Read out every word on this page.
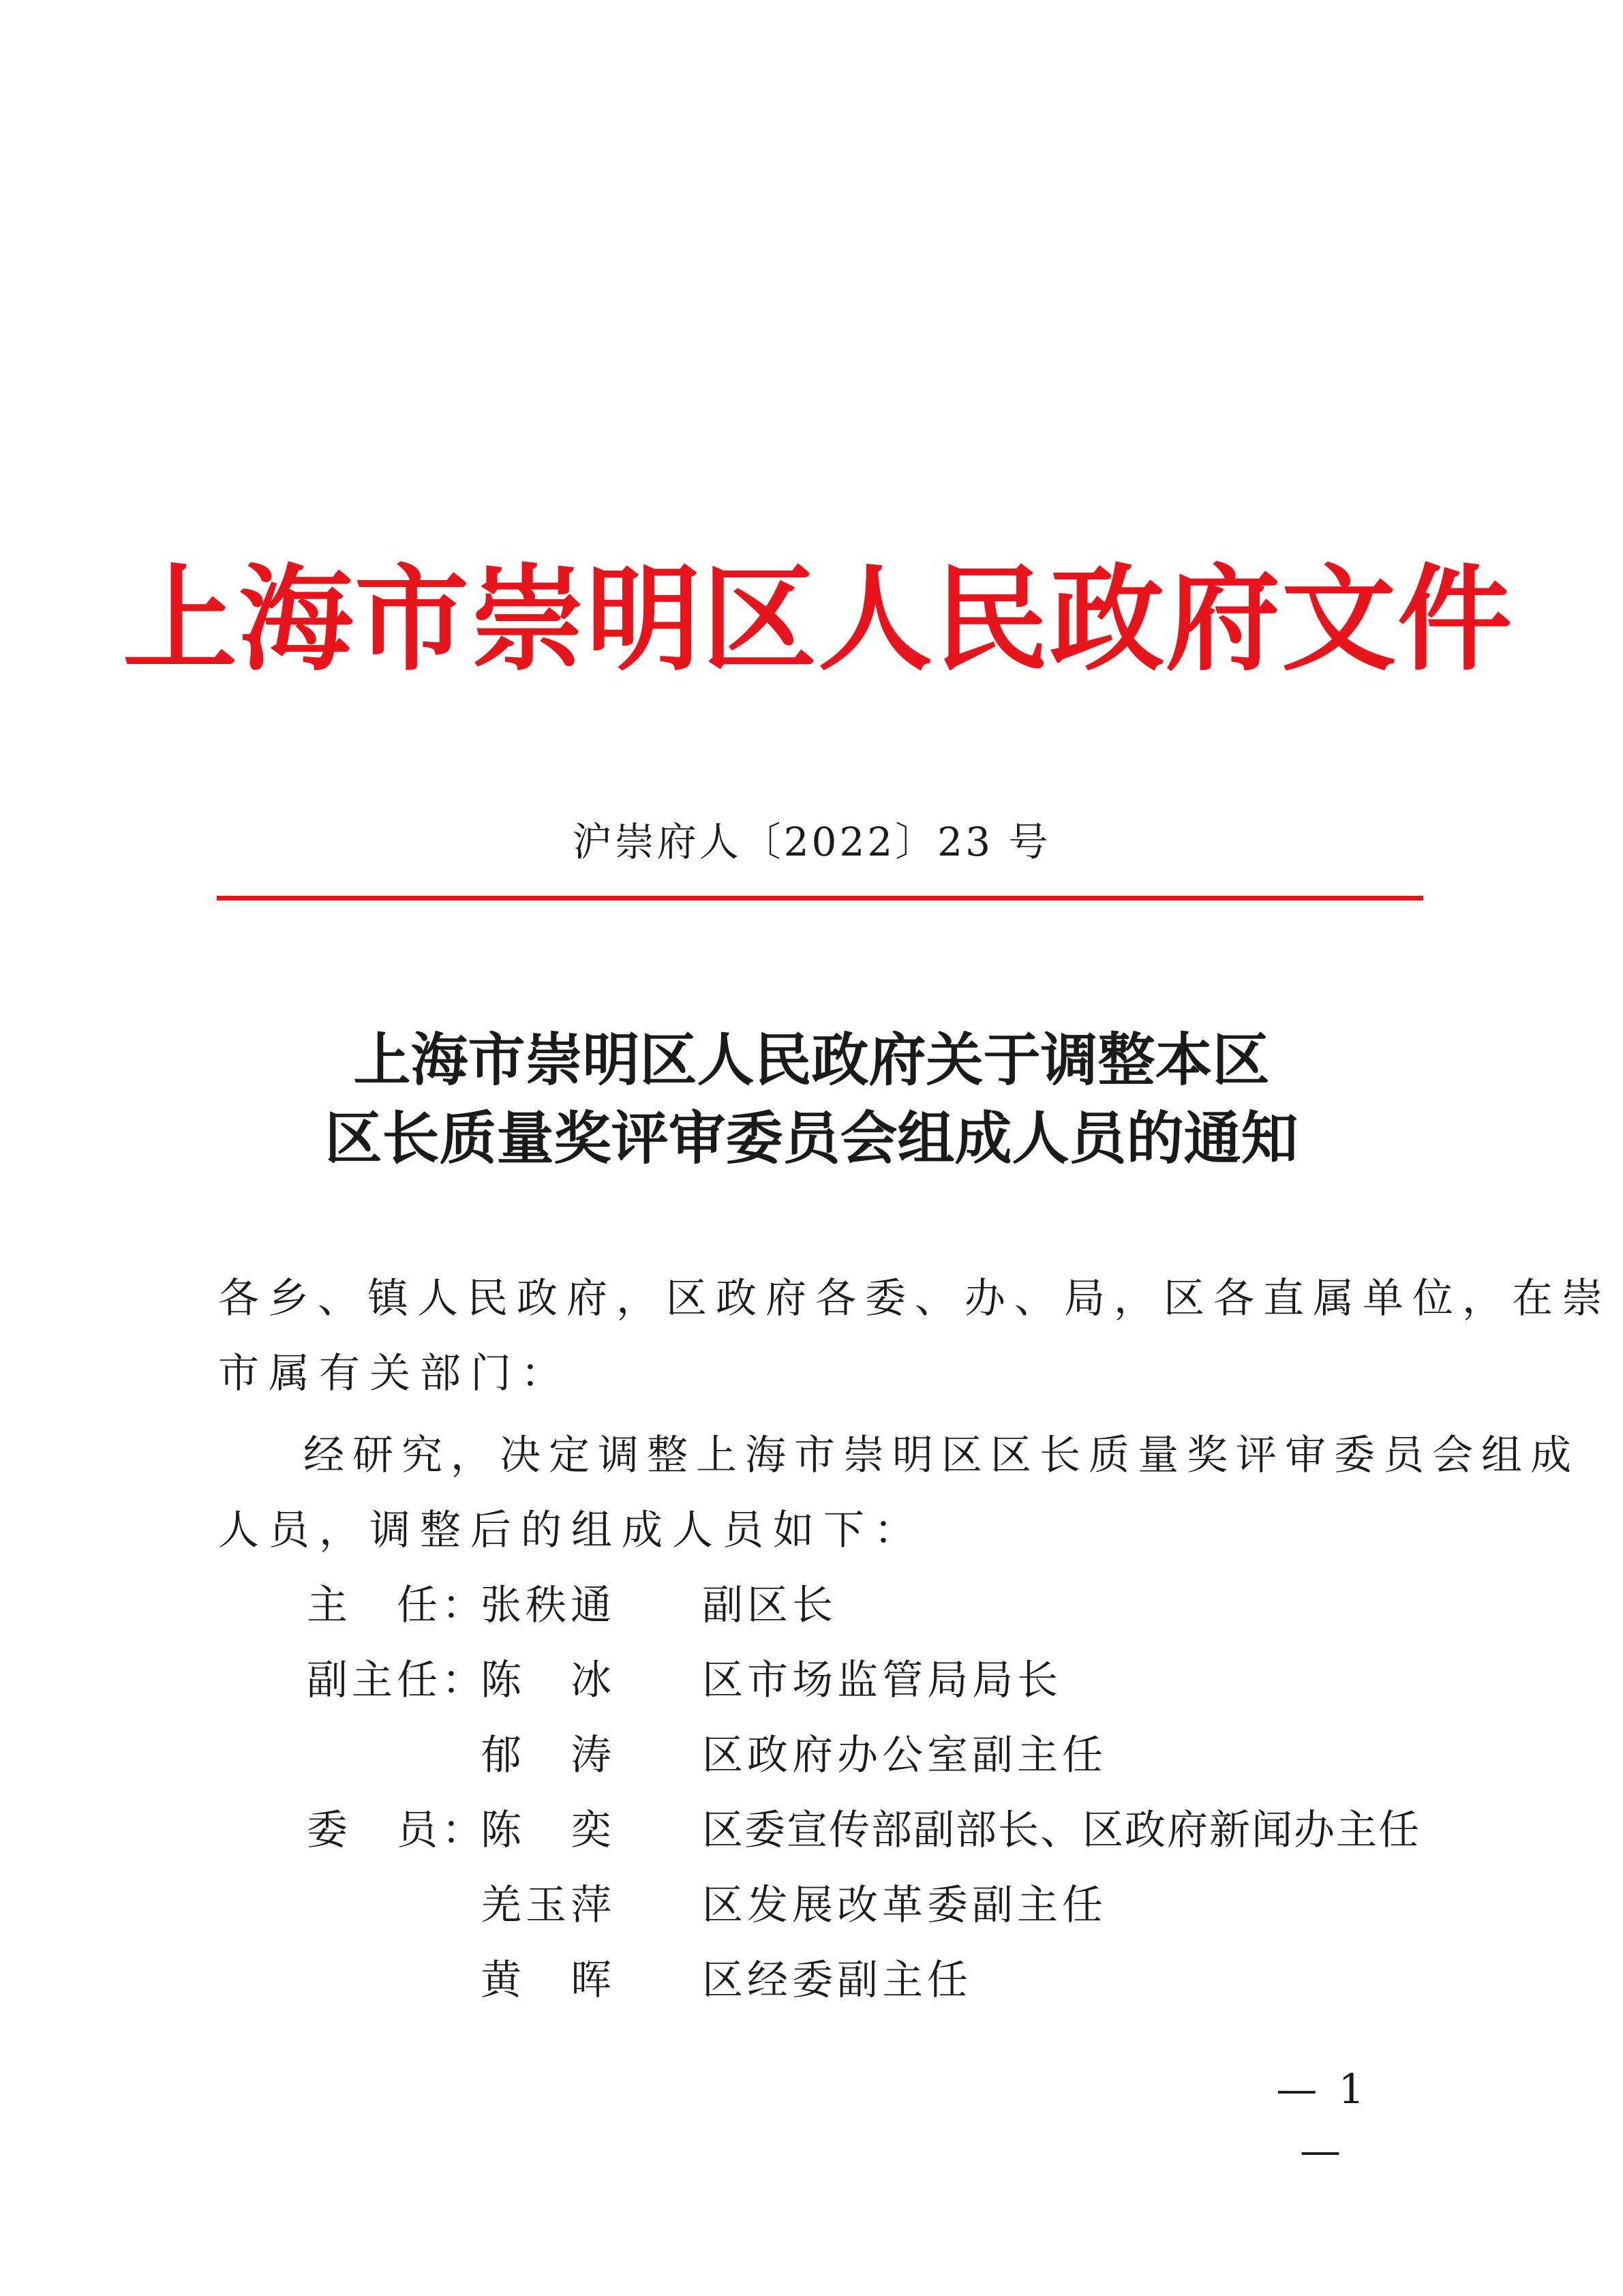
上海市崇明区人民政府文件
沪崇府人〔2022〕23 号
上海市崇明区人民政府关于调整本区
区长质量奖评审委员会组成人员的通知
各乡、镇人民政府，区政府各委、办、局，区各直属单位，在崇
市属有关部门：
经研究，决定调整上海市崇明区区长质量奖评审委员会组成
人员，调整后的组成人员如下：
主　任：
张秩通 副区长
副主任：
陈　冰 区市场监管局局长
郁　涛 区政府办公室副主任
委　员：
陈　奕 区委宣传部副部长、区政府新闻办主任
羌玉萍 区发展改革委副主任
黄　晖 区经委副主任
— 1 —
